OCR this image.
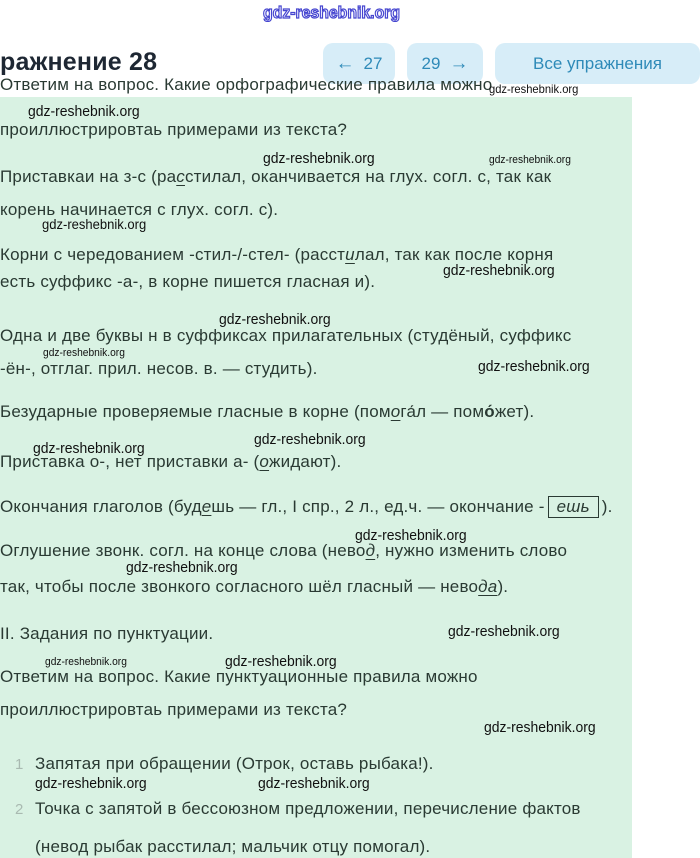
ражнение 28	← 27 29 →	Все упражнения
Ответим на вопрос. Какие орфографические правила можно
проиллюстрировтаь примерами из текста?
Приставкаи на з-с (расстилал, оканчивается на глух. согл. с, так как
корень начинается с глух. согл. с).
Корни с чередованием -стил-/-стел- (расстилал, так как после корня
есть суффикс -а-, в корне пишется гласная и).
Одна и две буквы н в суффиксах прилагательных (студёный, суффикс
-ён-, отглаг. прил. несов. в. — студить).
Безударные проверяемые гласные в корне (помога́л — помо́жет).
Приставка о-, нет приставки а- (ожидают).
Окончания глаголов (будешь — гл., I спр., 2 л., ед.ч. — окончание - ешь ).
Оглушение звонк. согл. на конце слова (невод, нужно изменить слово
так, чтобы после звонкого согласного шёл гласный — невода).
II. Задания по пунктуации.
Ответим на вопрос. Какие пунктуационные правила можно
проиллюстрировтаь примерами из текста?
1 Запятая при обращении (Отрок, оставь рыбака!).
2 Точка с запятой в бессоюзном предложении, перечисление фактов
(невод рыбак расстилал; мальчик отцу помогал).
gdz-reshebnik.org
gdz-reshebnik.org
gdz-reshebnik.org
gdz-reshebnik.org	gdz-reshebnik.org
gdz-reshebnik.org
gdz-reshebnik.org
gdz-reshebnik.org
gdz-reshebnik.org
gdz-reshebnik.org
gdz-reshebnik.org
gdz-reshebnik.org
gdz-reshebnik.org
gdz-reshebnik.org
gdz-reshebnik.org
gdz-reshebnik.org
gdz-reshebnik.org
gdz-reshebnik.org
gdz-reshebnik.org	gdz-reshebnik.org
